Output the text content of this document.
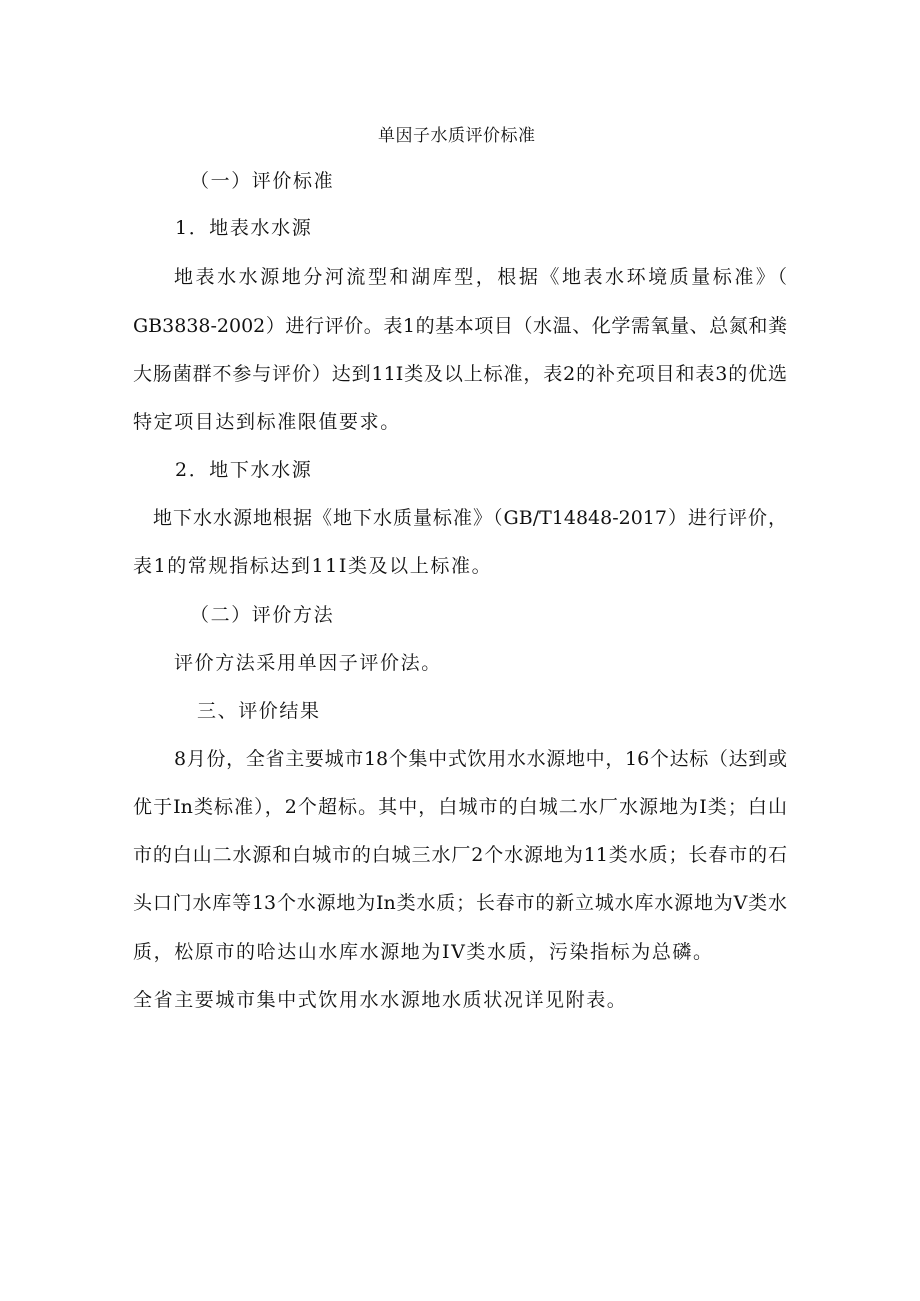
单因子水质评价标准
（一）评价标准
1．地表水水源
地表水水源地分河流型和湖库型，根据《地表水环境质量标准》（
GB3838-2002）进行评价。表1的基本项目（水温、化学需氧量、总氮和粪
大肠菌群不参与评价）达到11I类及以上标准，表2的补充项目和表3的优选
特定项目达到标准限值要求。
2．地下水水源
地下水水源地根据《地下水质量标准》（GB/T14848-2017）进行评价，
表1的常规指标达到11I类及以上标准。
（二）评价方法
评价方法采用单因子评价法。
三、评价结果
8月份，全省主要城市18个集中式饮用水水源地中，16个达标（达到或
优于In类标准），2个超标。其中，白城市的白城二水厂水源地为I类；白山
市的白山二水源和白城市的白城三水厂2个水源地为11类水质；长春市的石
头口门水库等13个水源地为In类水质；长春市的新立城水库水源地为V类水
质，松原市的哈达山水库水源地为IV类水质，污染指标为总磷。
全省主要城市集中式饮用水水源地水质状况详见附表。
